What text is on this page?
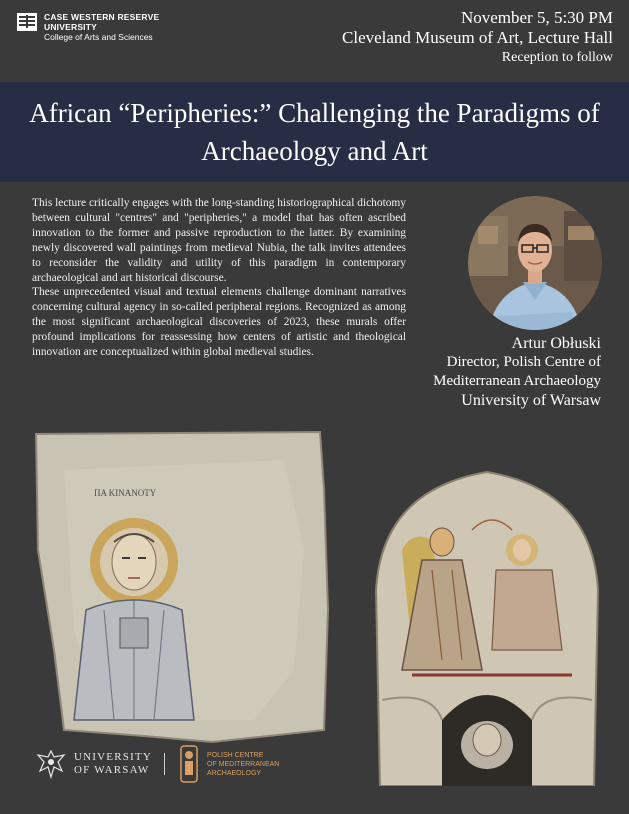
CASE WESTERN RESERVE
UNIVERSITY
College of Arts and Sciences
November 5, 5:30 PM
Cleveland Museum of Art, Lecture Hall
Reception to follow
African “Peripheries:” Challenging the Paradigms of
Archaeology and Art

This lecture critically engages with the long-standing historiographical dichotomy between cultural "centres" and "peripheries," a model that has often ascribed innovation to the former and passive reproduction to the latter. By examining newly discovered wall paintings from medieval Nubia, the talk invites attendees to reconsider the validity and utility of this paradigm in contemporary archaeological and art historical discourse.

These unprecedented visual and textual elements challenge dominant narratives concerning cultural agency in so-called peripheral regions. Recognized as among the most significant archaeological discoveries of 2023, these murals offer profound implications for reassessing how centers of artistic and theological innovation are conceptualized within global medieval studies.

Artur Obłuski
Director, Polish Centre of
Mediterranean Archaeology
University of Warsaw
ΠΑ ΚΙΝΑΝΟΤΥ
UNIVERSITY
OF WARSAW
POLISH CENTRE
OF MEDITERRANEAN
ARCHAEOLOGY
